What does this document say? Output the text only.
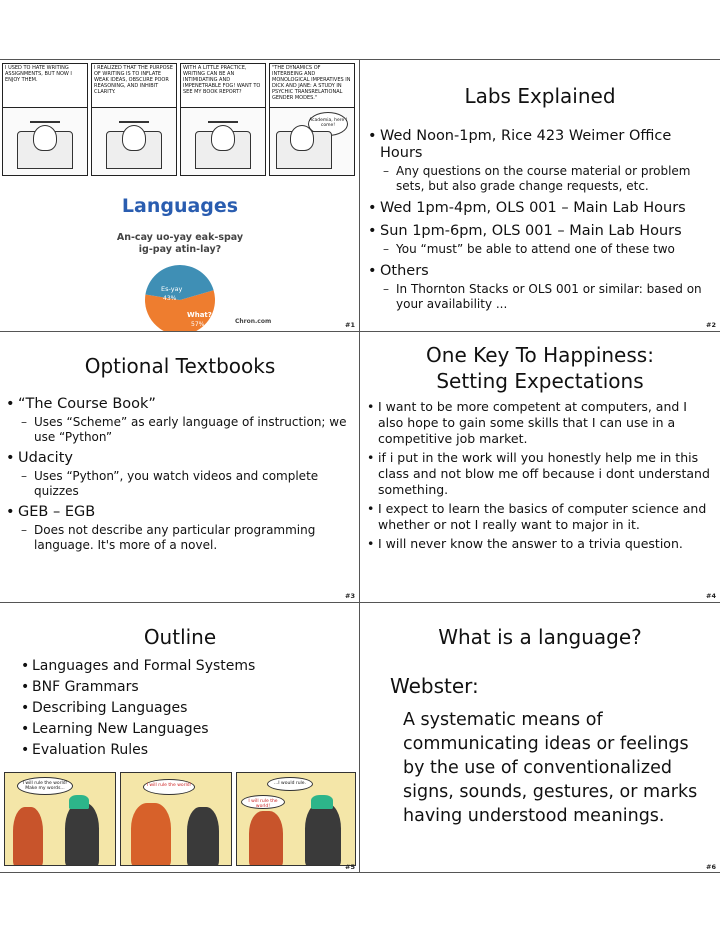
I USED TO HATE WRITING ASSIGNMENTS, BUT NOW I ENJOY THEM.
I REALIZED THAT THE PURPOSE OF WRITING IS TO INFLATE WEAK IDEAS, OBSCURE POOR REASONING, AND INHIBIT CLARITY.
WITH A LITTLE PRACTICE, WRITING CAN BE AN INTIMIDATING AND IMPENETRABLE FOG! WANT TO SEE MY BOOK REPORT?
"THE DYNAMICS OF INTERBEING AND MONOLOGICAL IMPERATIVES IN DICK AND JANE: A STUDY IN PSYCHIC TRANSRELATIONAL GENDER MODES."
Academia, here I come!
Languages
An-cay uo-yay eak-spay
ig-pay atin-lay?
Es-yay
43%
What?
57%	Chron.com	#1
Labs Explained
• Wed Noon-1pm, Rice 423 Weimer Office Hours
– Any questions on the course material or problem sets, but also grade change requests, etc.
• Wed 1pm-4pm, OLS 001 – Main Lab Hours
• Sun 1pm-6pm, OLS 001 – Main Lab Hours
– You “must” be able to attend one of these two
• Others
– In Thornton Stacks or OLS 001 or similar: based on your availability ...
#2
Optional Textbooks
• “The Course Book”
– Uses “Scheme” as early language of instruction; we use “Python”
• Udacity
– Uses “Python”, you watch videos and complete quizzes
• GEB – EGB
– Does not describe any particular programming language. It's more of a novel.
#3
One Key To Happiness:
Setting Expectations
• I want to be more competent at computers, and I also hope to gain some skills that I can use in a competitive job market.
• if i put in the work will you honestly help me in this class and not blow me off because i dont understand something.
• I expect to learn the basics of computer science and whether or not I really want to major in it.
• I will never know the answer to a trivia question.
#4
Outline
• Languages and Formal Systems
• BNF Grammars
• Describing Languages
• Learning New Languages
• Evaluation Rules
I will rule the world! Make my words...
I will rule the world!	...I would rule.
I will rule the world!
#5
What is a language?
Webster:
A systematic means of communicating ideas or feelings by the use of conventionalized signs, sounds, gestures, or marks having understood meanings.
#6
